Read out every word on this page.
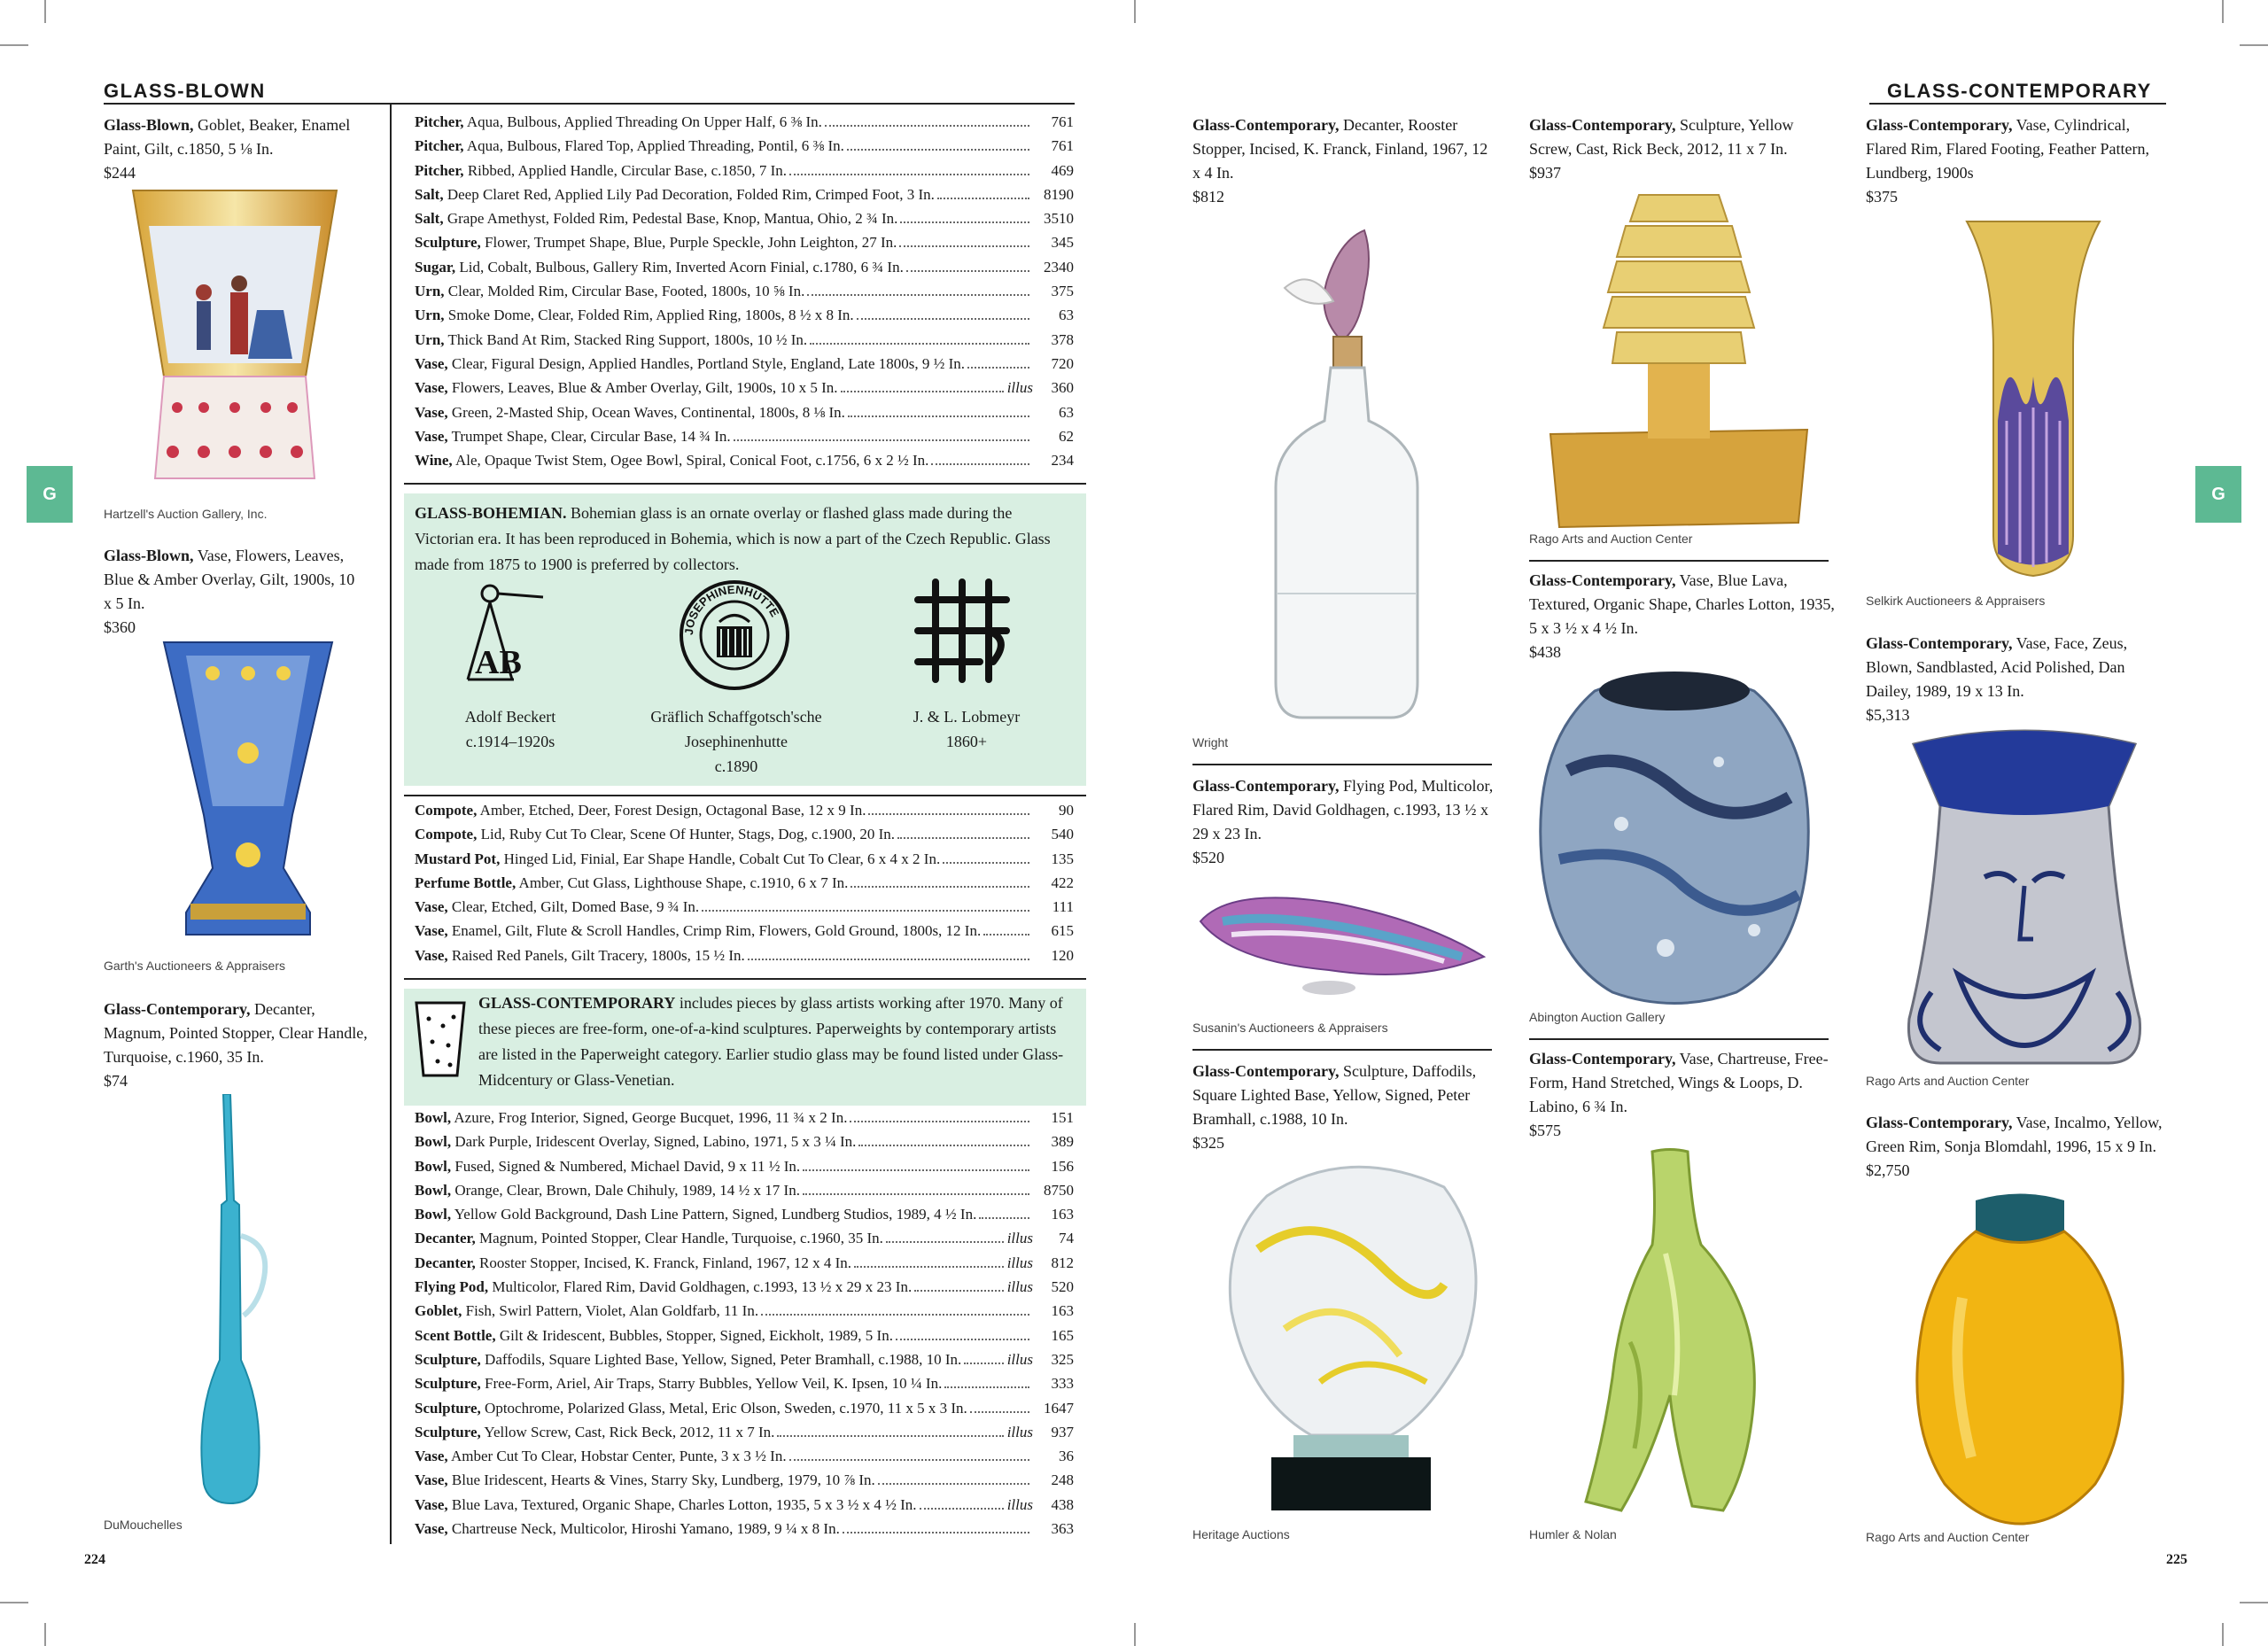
GLASS-BLOWN	GLASS-CONTEMPORARY
G	G
Glass-Blown, Goblet, Beaker, Enamel Paint, Gilt, c.1850, 5 ⅛ In.
$244
Hartzell's Auction Gallery, Inc.
Glass-Blown, Vase, Flowers, Leaves, Blue & Amber Overlay, Gilt, 1900s, 10 x 5 In.
$360
Garth's Auctioneers & Appraisers
Glass-Contemporary, Decanter, Magnum, Pointed Stopper, Clear Handle, Turquoise, c.1960, 35 In.
$74
DuMouchelles
224
Pitcher, Aqua, Bulbous, Applied Threading On Upper Half, 6 ⅜ In.	761
Pitcher, Aqua, Bulbous, Flared Top, Applied Threading, Pontil, 6 ⅜ In.	761
Pitcher, Ribbed, Applied Handle, Circular Base, c.1850, 7 In.	469
Salt, Deep Claret Red, Applied Lily Pad Decoration, Folded Rim, Crimped Foot, 3 In.	8190
Salt, Grape Amethyst, Folded Rim, Pedestal Base, Knop, Mantua, Ohio, 2 ¾ In.	3510
Sculpture, Flower, Trumpet Shape, Blue, Purple Speckle, John Leighton, 27 In.	345
Sugar, Lid, Cobalt, Bulbous, Gallery Rim, Inverted Acorn Finial, c.1780, 6 ¾ In.	2340
Urn, Clear, Molded Rim, Circular Base, Footed, 1800s, 10 ⅝ In.	375
Urn, Smoke Dome, Clear, Folded Rim, Applied Ring, 1800s, 8 ½ x 8 In.	63
Urn, Thick Band At Rim, Stacked Ring Support, 1800s, 10 ½ In.	378
Vase, Clear, Figural Design, Applied Handles, Portland Style, England, Late 1800s, 9 ½ In.	720
Vase, Flowers, Leaves, Blue & Amber Overlay, Gilt, 1900s, 10 x 5 In.	illus	360
Vase, Green, 2-Masted Ship, Ocean Waves, Continental, 1800s, 8 ⅛ In.	63
Vase, Trumpet Shape, Clear, Circular Base, 14 ¾ In.	62
Wine, Ale, Opaque Twist Stem, Ogee Bowl, Spiral, Conical Foot, c.1756, 6 x 2 ½ In.	234
GLASS-BOHEMIAN. Bohemian glass is an ornate overlay or flashed glass made during the Victorian era. It has been reproduced in Bohemia, which is now a part of the Czech Republic. Glass made from 1875 to 1900 is preferred by collectors.
AB
JOSEPHINENHUTTE
Adolf Beckert
c.1914–1920s
Gräflich Schaffgotsch'sche
Josephinenhutte
c.1890
J. & L. Lobmeyr
1860+
Compote, Amber, Etched, Deer, Forest Design, Octagonal Base, 12 x 9 In.	90
Compote, Lid, Ruby Cut To Clear, Scene Of Hunter, Stags, Dog, c.1900, 20 In.	540
Mustard Pot, Hinged Lid, Finial, Ear Shape Handle, Cobalt Cut To Clear, 6 x 4 x 2 In.	135
Perfume Bottle, Amber, Cut Glass, Lighthouse Shape, c.1910, 6 x 7 In.	422
Vase, Clear, Etched, Gilt, Domed Base, 9 ¾ In.	111
Vase, Enamel, Gilt, Flute & Scroll Handles, Crimp Rim, Flowers, Gold Ground, 1800s, 12 In.	615
Vase, Raised Red Panels, Gilt Tracery, 1800s, 15 ½ In.	120
GLASS-CONTEMPORARY includes pieces by glass artists working after 1970. Many of these pieces are free-form, one-of-a-kind sculptures. Paperweights by contemporary artists are listed in the Paperweight category. Earlier studio glass may be found listed under Glass-Midcentury or Glass-Venetian.
Bowl, Azure, Frog Interior, Signed, George Bucquet, 1996, 11 ¾ x 2 In.	151
Bowl, Dark Purple, Iridescent Overlay, Signed, Labino, 1971, 5 x 3 ¼ In.	389
Bowl, Fused, Signed & Numbered, Michael David, 9 x 11 ½ In.	156
Bowl, Orange, Clear, Brown, Dale Chihuly, 1989, 14 ½ x 17 In.	8750
Bowl, Yellow Gold Background, Dash Line Pattern, Signed, Lundberg Studios, 1989, 4 ½ In.	163
Decanter, Magnum, Pointed Stopper, Clear Handle, Turquoise, c.1960, 35 In.	illus	74
Decanter, Rooster Stopper, Incised, K. Franck, Finland, 1967, 12 x 4 In.	illus	812
Flying Pod, Multicolor, Flared Rim, David Goldhagen, c.1993, 13 ½ x 29 x 23 In.	illus	520
Goblet, Fish, Swirl Pattern, Violet, Alan Goldfarb, 11 In.	163
Scent Bottle, Gilt & Iridescent, Bubbles, Stopper, Signed, Eickholt, 1989, 5 In.	165
Sculpture, Daffodils, Square Lighted Base, Yellow, Signed, Peter Bramhall, c.1988, 10 In.	illus	325
Sculpture, Free-Form, Ariel, Air Traps, Starry Bubbles, Yellow Veil, K. Ipsen, 10 ¼ In.	333
Sculpture, Optochrome, Polarized Glass, Metal, Eric Olson, Sweden, c.1970, 11 x 5 x 3 In.	1647
Sculpture, Yellow Screw, Cast, Rick Beck, 2012, 11 x 7 In.	illus	937
Vase, Amber Cut To Clear, Hobstar Center, Punte, 3 x 3 ½ In.	36
Vase, Blue Iridescent, Hearts & Vines, Starry Sky, Lundberg, 1979, 10 ⅞ In.	248
Vase, Blue Lava, Textured, Organic Shape, Charles Lotton, 1935, 5 x 3 ½ x 4 ½ In.	illus	438
Vase, Chartreuse Neck, Multicolor, Hiroshi Yamano, 1989, 9 ¼ x 8 In.	363
Glass-Contemporary, Decanter, Rooster Stopper, Incised, K. Franck, Finland, 1967, 12 x 4 In.
$812
Wright
Glass-Contemporary, Flying Pod, Multicolor, Flared Rim, David Goldhagen, c.1993, 13 ½ x 29 x 23 In.
$520
Susanin's Auctioneers & Appraisers
Glass-Contemporary, Sculpture, Daffodils, Square Lighted Base, Yellow, Signed, Peter Bramhall, c.1988, 10 In.
$325
Heritage Auctions
Glass-Contemporary, Sculpture, Yellow Screw, Cast, Rick Beck, 2012, 11 x 7 In.
$937
Rago Arts and Auction Center
Glass-Contemporary, Vase, Blue Lava, Textured, Organic Shape, Charles Lotton, 1935, 5 x 3 ½ x 4 ½ In.
$438
Abington Auction Gallery
Glass-Contemporary, Vase, Chartreuse, Free-Form, Hand Stretched, Wings & Loops, D. Labino, 6 ¾ In.
$575
Humler & Nolan
Glass-Contemporary, Vase, Cylindrical, Flared Rim, Flared Footing, Feather Pattern, Lundberg, 1900s
$375
Selkirk Auctioneers & Appraisers
Glass-Contemporary, Vase, Face, Zeus, Blown, Sandblasted, Acid Polished, Dan Dailey, 1989, 19 x 13 In.
$5,313
Rago Arts and Auction Center
Glass-Contemporary, Vase, Incalmo, Yellow, Green Rim, Sonja Blomdahl, 1996, 15 x 9 In.
$2,750
Rago Arts and Auction Center
225
